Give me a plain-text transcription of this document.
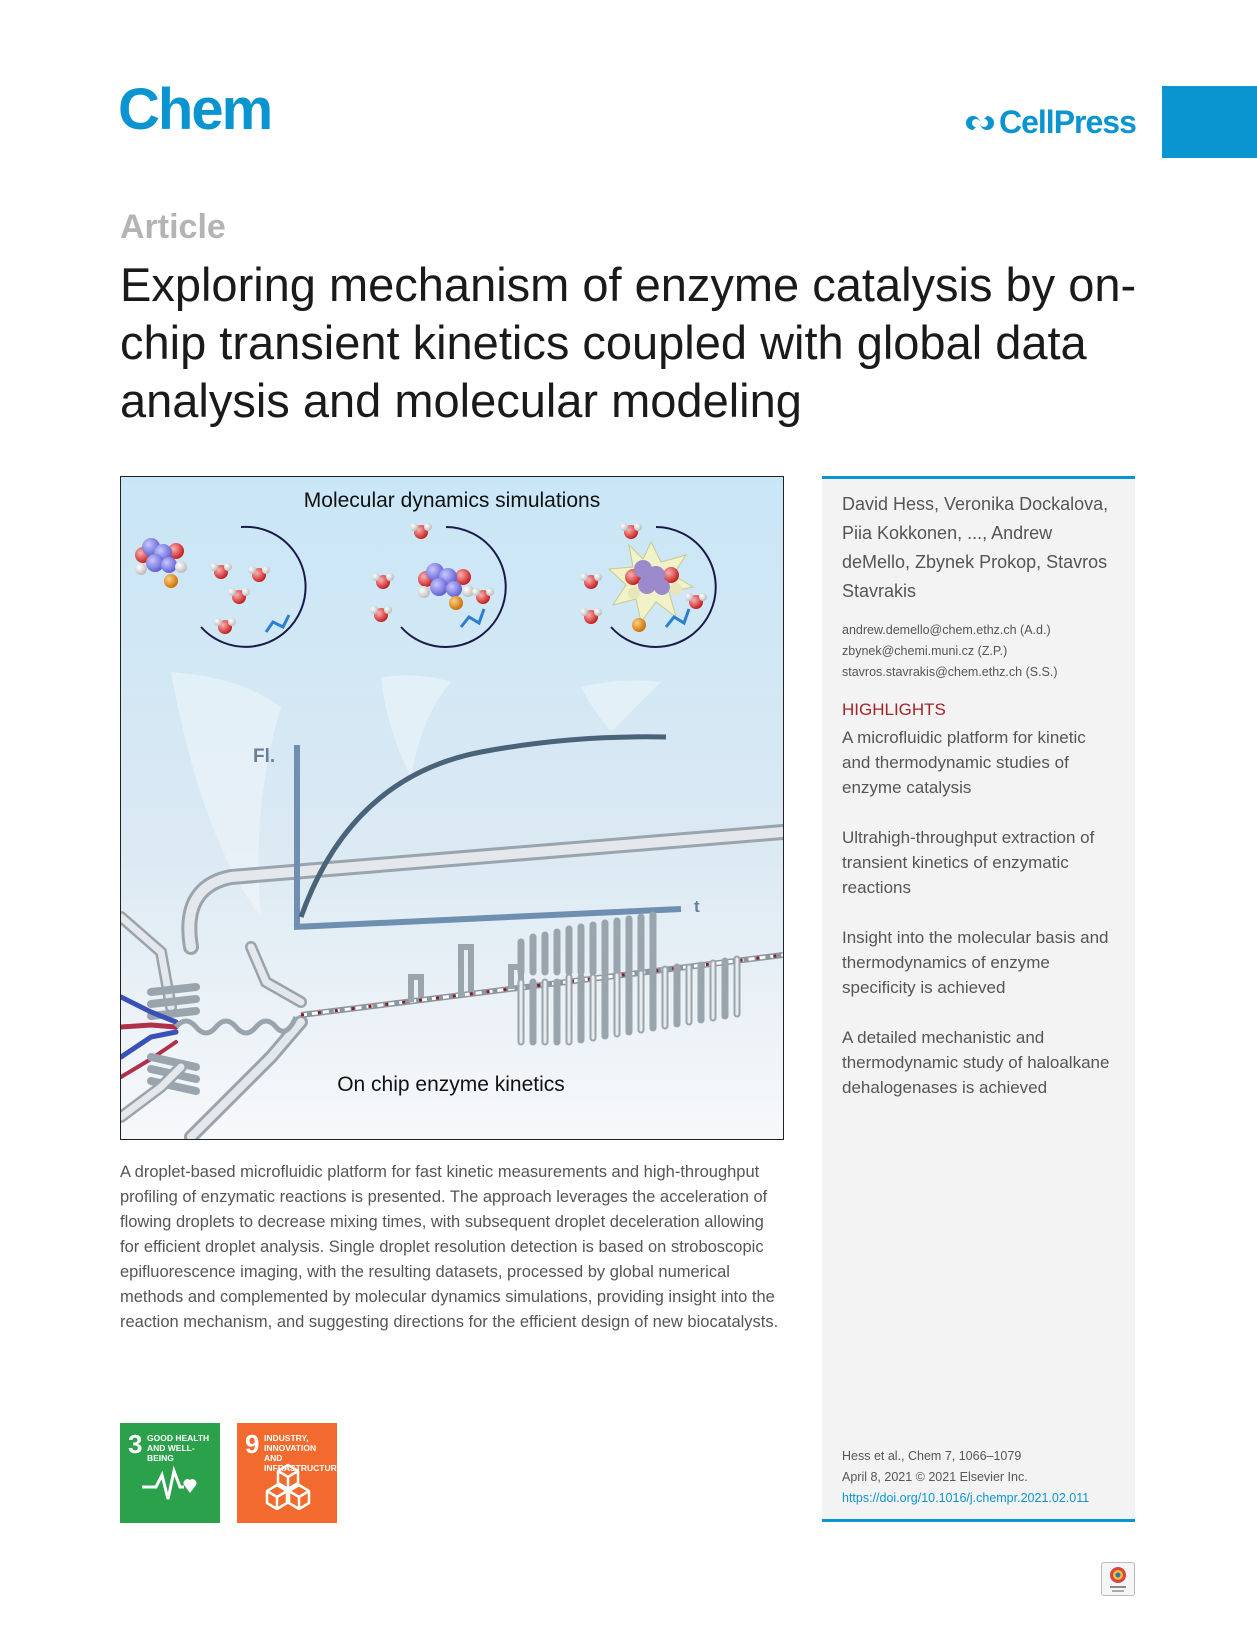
Chem	CellPress
Article
Exploring mechanism of enzyme catalysis by on-chip transient kinetics coupled with global data analysis and molecular modeling
Molecular dynamics simulations
Fl.
t
On chip enzyme kinetics
A droplet-based microfluidic platform for fast kinetic measurements and high-throughput profiling of enzymatic reactions is presented. The approach leverages the acceleration of flowing droplets to decrease mixing times, with subsequent droplet deceleration allowing for efficient droplet analysis. Single droplet resolution detection is based on stroboscopic epifluorescence imaging, with the resulting datasets, processed by global numerical methods and complemented by molecular dynamics simulations, providing insight into the reaction mechanism, and suggesting directions for the efficient design of new biocatalysts.
3 GOOD HEALTH AND WELL-BEING	9 INDUSTRY, INNOVATION AND INFRASTRUCTURE
David Hess, Veronika Dockalova, Piia Kokkonen, ..., Andrew deMello, Zbynek Prokop, Stavros Stavrakis
andrew.demello@chem.ethz.ch (A.d.)
zbynek@chemi.muni.cz (Z.P.)
stavros.stavrakis@chem.ethz.ch (S.S.)
HIGHLIGHTS
A microfluidic platform for kinetic and thermodynamic studies of enzyme catalysis
Ultrahigh-throughput extraction of transient kinetics of enzymatic reactions
Insight into the molecular basis and thermodynamics of enzyme specificity is achieved
A detailed mechanistic and thermodynamic study of haloalkane dehalogenases is achieved
Hess et al., Chem 7, 1066–1079
April 8, 2021 © 2021 Elsevier Inc.
https://doi.org/10.1016/j.chempr.2021.02.011
